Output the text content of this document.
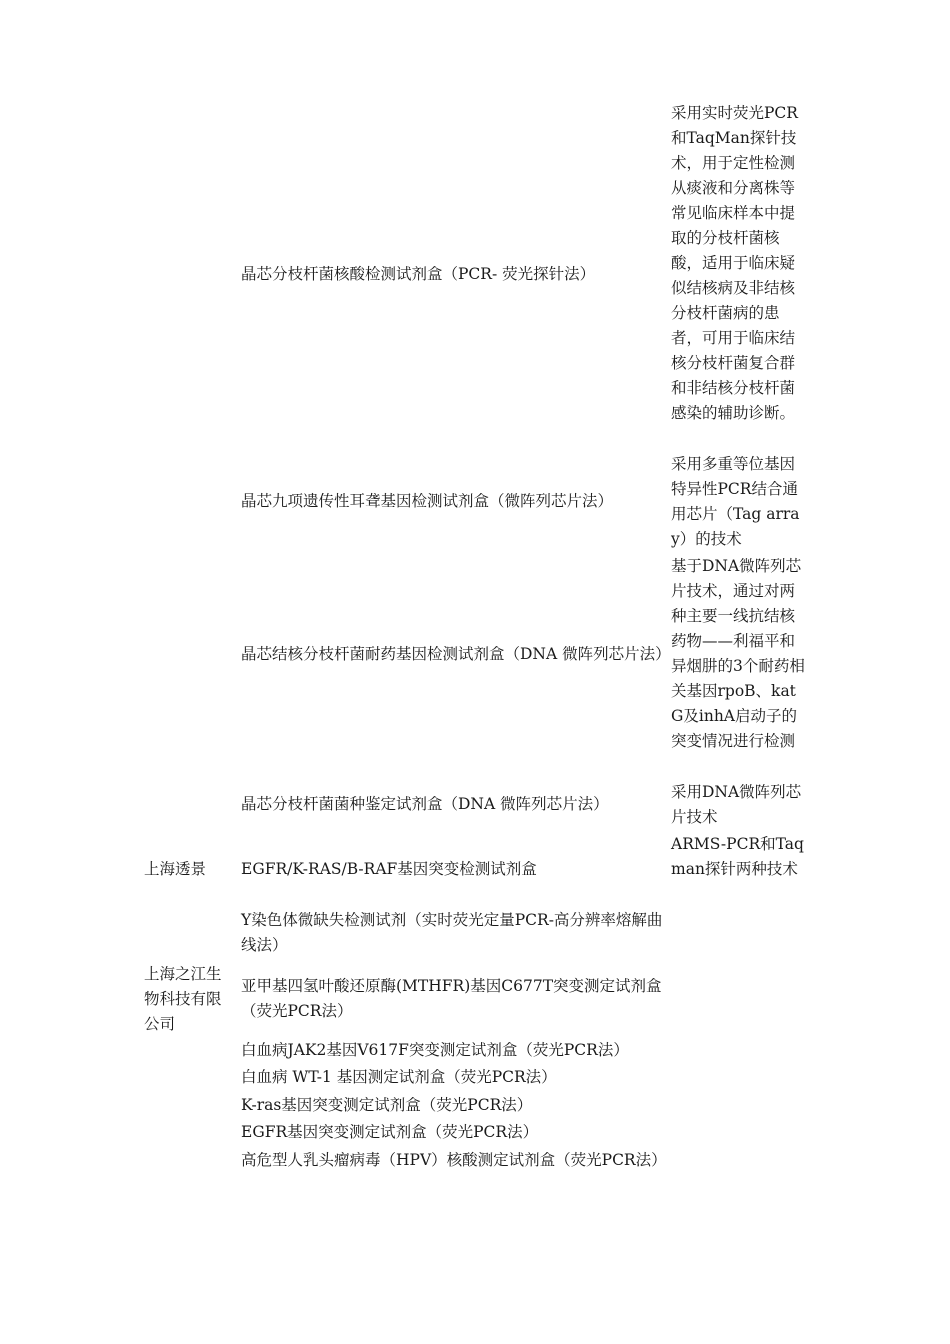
采用实时荧光PCR和TaqMan探针技术，用于定性检测从痰液和分离株等常见临床样本中提取的分枝杆菌核酸，适用于临床疑似结核病及非结核分枝杆菌病的患者，可用于临床结核分枝杆菌复合群和非结核分枝杆菌感染的辅助诊断。
晶芯分枝杆菌核酸检测试剂盒（PCR- 荧光探针法）
采用多重等位基因特异性PCR结合通用芯片（Tag array）的技术
晶芯九项遗传性耳聋基因检测试剂盒（微阵列芯片法）
基于DNA微阵列芯片技术，通过对两种主要一线抗结核药物——利福平和异烟肼的3个耐药相关基因rpoB、katG及inhA启动子的突变情况进行检测
晶芯结核分枝杆菌耐药基因检测试剂盒（DNA 微阵列芯片法）
采用DNA微阵列芯片技术
晶芯分枝杆菌菌种鉴定试剂盒（DNA 微阵列芯片法）
上海透景	EGFR/K-RAS/B-RAF基因突变检测试剂盒
ARMS-PCR和Taqman探针两种技术
Y染色体微缺失检测试剂（实时荧光定量PCR-高分辨率熔解曲线法）
上海之江生物科技有限公司
亚甲基四氢叶酸还原酶(MTHFR)基因C677T突变测定试剂盒（荧光PCR法）
白血病JAK2基因V617F突变测定试剂盒（荧光PCR法）
白血病 WT-1 基因测定试剂盒（荧光PCR法）
K-ras基因突变测定试剂盒（荧光PCR法）
EGFR基因突变测定试剂盒（荧光PCR法）
高危型人乳头瘤病毒（HPV）核酸测定试剂盒（荧光PCR法）
